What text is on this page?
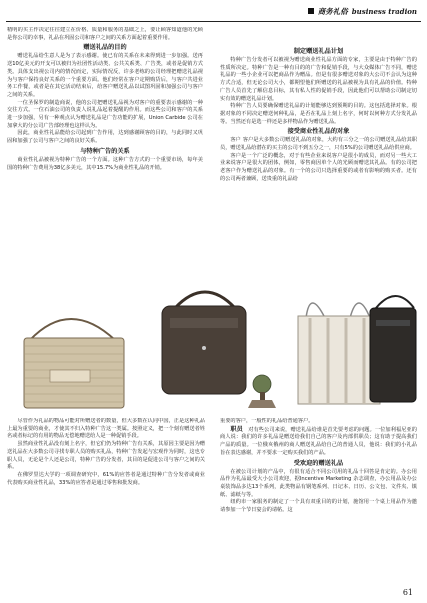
商务礼俗 business tradion

精明的买主作决定往往建立在价格、质量和服务的基础之上，要让顾客知道他的光顾是你公司的幸事，礼品在巩固公司和客户之间的关系方面起着重要作用。

赠送礼品的目的

赠送礼品给生意人是为了表示感谢。使已有的关系在未来得到进一步加强。送再送10亿美元的开支可以被归为社团性活动类、公共关系类、广告类，或者是促销方式类。具体支出视公司内的情况而定，实际情况反，许多老练的公司经理把赠送礼品视为与客户保持良好关系的一个重要方面。他们经常在客户定期购货后，与客户共进业务工作餐，或者是在其它活动结束后，给客户赠送礼品以试图巩固和加强公司与客户之间的关系。

一位圣保罗的制造商说，他的公司把赠送礼品视为对客户的重要表示感谢的一种交往方式。一位石油公司的负责人说礼品起着提醒的作用。而这些公司和客户的关系进一步加强，另有一种观点认为赠送礼品是广告功能的扩展，Union Carbide 公司在加拿大的分公司广告部经理也这样认为。

因此，商业性礼品能给公司起到广告作用，达到感谢顾客的目的，与此同时又巩固和加强了公司与客户之间的良好关系。

与特种广告的关系

商业性礼品被视为特种广告的一个方面。这种广告方式的一个重要市场，每年美国的特种广告费用为38亿多美元，其中15.7%为商业性礼品的开销。

制定赠送礼品计划

特种广告分发者可以被视为赠送商业性礼品方面的专家，主要是由于特种广告的性质所决定。特种广告是一种有目的的广告和促销手段，与大众媒体广告不同，赠送礼品的一些小企业可以把商品作为赠品。但是有很多赠送对象的大公司不会认为这种方式合适，但无论公司大小，都期望他们所赠送的礼品被视为具有礼品的价值。特种广告人员首先了解信息目标，其有私人性的促销手段，因此他们可以帮助公司制定切实有效的赠送礼品计划。

特种广告人员要确保赠送礼品的计划能够达到预期的目的。这包括选择对象。根据对象的不同决定赠送何种礼品，是否在礼品上刻上名字，何时以何种方式分发礼品等。当然还有是选一样还是多样物品作为赠送礼品。

接受商业性礼品的对象

客户 客户是大多数公司赠送礼品的对象，大约有三分之一的公司赠送礼品给其职员，赠送礼品给潜在的买主的公司不到五分之一，只有5%的公司赠送礼品给供应商。

客户是一个广泛的概念，对于有些企业来说客户是很小的成员，而对另一些大工业来说客户是很大的团体，例如，零售商因单个人的光顾而赠送其礼品。有的公司把老客户作为赠送礼品的对象。有一个的公司只选择重要的或者有影响的购买者。还有的公司两者兼顾，送贵重的礼品给

尽管作为礼品的物品可能对所赠送者的数量，但大多数在认同中国，正是这种礼品上最为重要的商业，才使其不归入特种广告这一类属。按照定义，把一个刻有赠送者姓名或者标记的有用的物品无偿地赠送给人是一种促销手段。

虽然商业性礼品没有刻上名字，但它们仍为特种广告有关系，其原因主要是因为赠送礼品在大多数公司寻找专职人员的购买礼品，特种广告发起与宏观作为同时，这也专职人员，无论是个人还是公司，特种广告的分发者，其目的是促进公司与客户之间的关系。

在佛罗里达大学的一项调查研究中，61%的应答者是通过特种广告分发者或商业代表购买商业性礼品，33%的应答者是通过零售和批发商。

重要的客户，一般性的礼品给普通客户。

职员　 对有些公司来说，赠送礼品给谁是首先要考虑的问题。一位加利福尼亚的商人说：我们的许多礼品是赠送给我们自己的客户及内部供职员；这有助于提高我们产品的质量。一位俄亥俄州的商人赠送礼品给自己的普通人员，他说：我们的小礼品旨在表达感谢，并不要求一定购买我们的产品。

受欢迎的赠送礼品

在被公司计划的产品中，有很有适合不同公司用的礼品十回答是肯定的。办公用品作为礼品最受大小公司欢迎，据Incentive Marketing 杂志调查，办公用品及办公桌装饰品多达13个系列，此类物品有钢笔系列、日记本、日历、公文包、文件夹、镇纸、滤纸与等。

纽约市一家服务的制定了一个具有双重目的的计划，施馆用一个桌上用品作为邀请参加一个节日宴会的请帖。这

61
